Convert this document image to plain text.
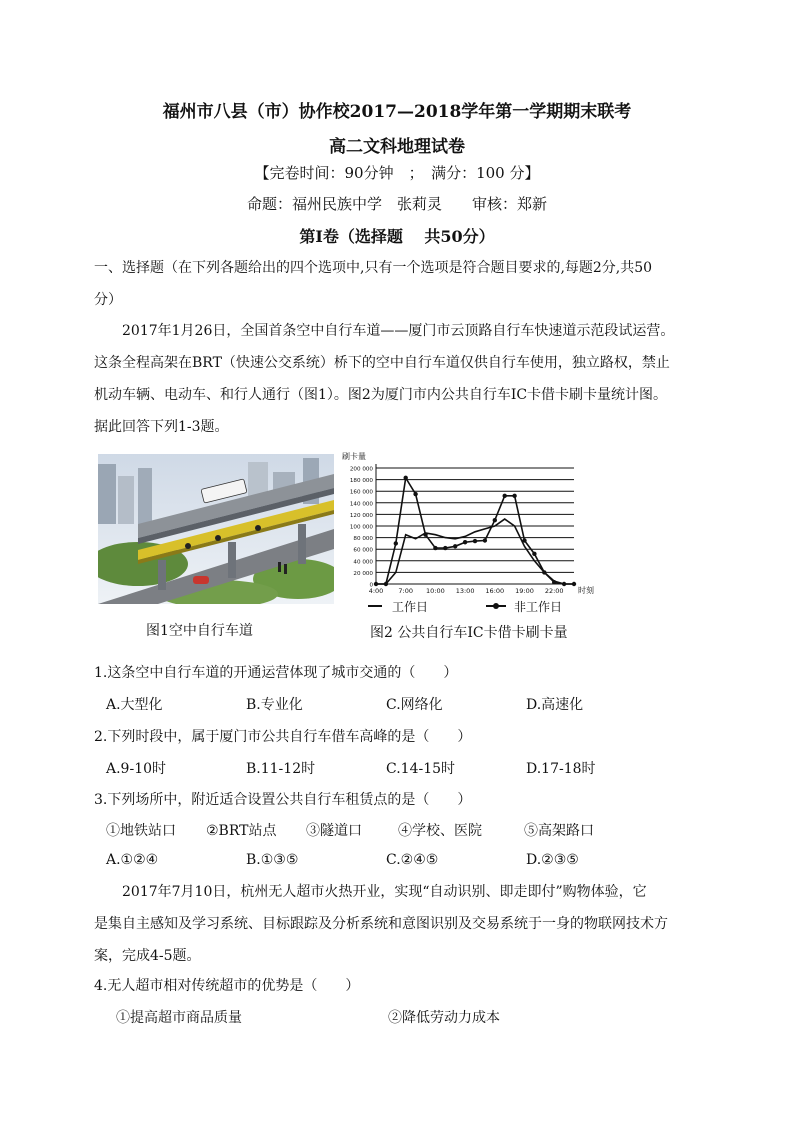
福州市八县（市）协作校2017—2018学年第一学期期末联考
高二文科地理试卷
【完卷时间：90分钟　；　满分：100 分】
命题：福州民族中学　张莉灵　　审核：郑新
第Ⅰ卷（选择题　 共50分）
一、选择题（在下列各题给出的四个选项中,只有一个选项是符合题目要求的,每题2分,共50
分）
2017年1月26日，全国首条空中自行车道——厦门市云顶路自行车快速道示范段试运营。
这条全程高架在BRT（快速公交系统）桥下的空中自行车道仅供自行车使用，独立路权，禁止
机动车辆、电动车、和行人通行（图1）。图2为厦门市内公共自行车IC卡借卡刷卡量统计图。
据此回答下列1-3题。
刷卡量
0
20 000
40 000
60 000
80 000
100 000
120 000
140 000
160 000
180 000
200 000
4:00 7:00 10:00 13:00 16:00 19:00 22:00 时刻
工作日	非工作日
图1空中自行车道	图2 公共自行车IC卡借卡刷卡量
1.这条空中自行车道的开通运营体现了城市交通的（　　）
A.大型化	B.专业化	C.网络化	D.高速化
2.下列时段中，属于厦门市公共自行车借车高峰的是（　　）
A.9-10时	B.11-12时	C.14-15时	D.17-18时
3.下列场所中，附近适合设置公共自行车租赁点的是（　　）
①地铁站口	②BRT站点	③隧道口	④学校、医院	⑤高架路口
A.①②④	B.①③⑤	C.②④⑤	D.②③⑤
2017年7月10日，杭州无人超市火热开业，实现“自动识别、即走即付”购物体验，它
是集自主感知及学习系统、目标跟踪及分析系统和意图识别及交易系统于一身的物联网技术方
案，完成4-5题。
4.无人超市相对传统超市的优势是（　　）
①提高超市商品质量	②降低劳动力成本
